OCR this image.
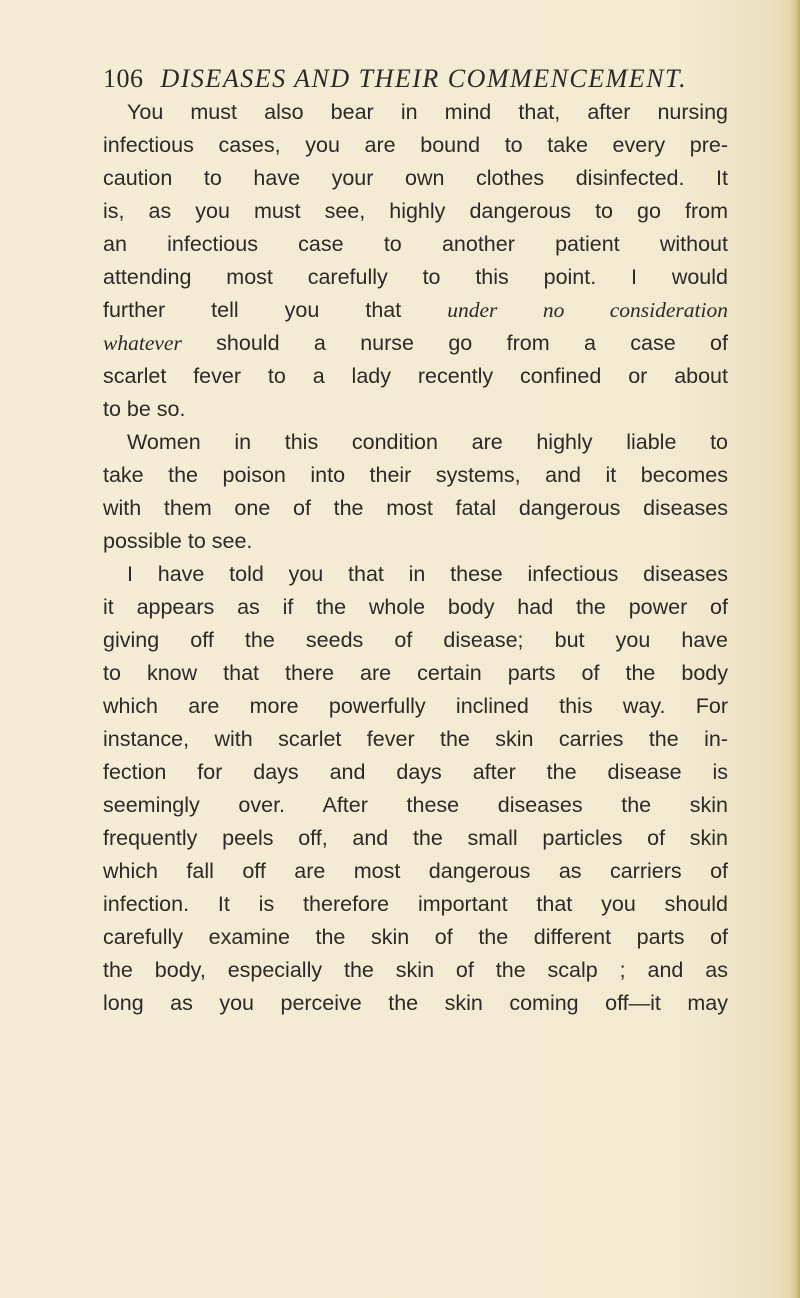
106 DISEASES AND THEIR COMMENCEMENT.
You must also bear in mind that, after nursing
infectious cases, you are bound to take every pre-
caution to have your own clothes disinfected. It
is, as you must see, highly dangerous to go from
an infectious case to another patient without
attending most carefully to this point. I would
further tell you that under no consideration
whatever should a nurse go from a case of
scarlet fever to a lady recently confined or about
to be so.
Women in this condition are highly liable to
take the poison into their systems, and it becomes
with them one of the most fatal dangerous diseases
possible to see.
I have told you that in these infectious diseases
it appears as if the whole body had the power of
giving off the seeds of disease; but you have
to know that there are certain parts of the body
which are more powerfully inclined this way. For
instance, with scarlet fever the skin carries the in-
fection for days and days after the disease is
seemingly over. After these diseases the skin
frequently peels off, and the small particles of skin
which fall off are most dangerous as carriers of
infection. It is therefore important that you should
carefully examine the skin of the different parts of
the body, especially the skin of the scalp ; and as
long as you perceive the skin coming off—it may
